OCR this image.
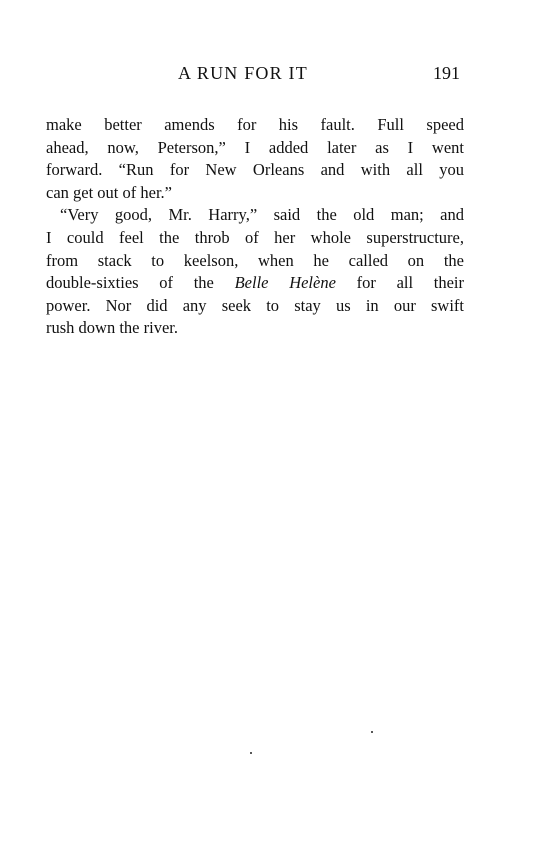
A RUN FOR IT	191
make better amends for his fault. Full speed
ahead, now, Peterson,” I added later as I went
forward. “Run for New Orleans and with all you
can get out of her.”
“Very good, Mr. Harry,” said the old man; and
I could feel the throb of her whole superstructure,
from stack to keelson, when he called on the
double-sixties of the Belle Helène for all their
power. Nor did any seek to stay us in our swift
rush down the river.
